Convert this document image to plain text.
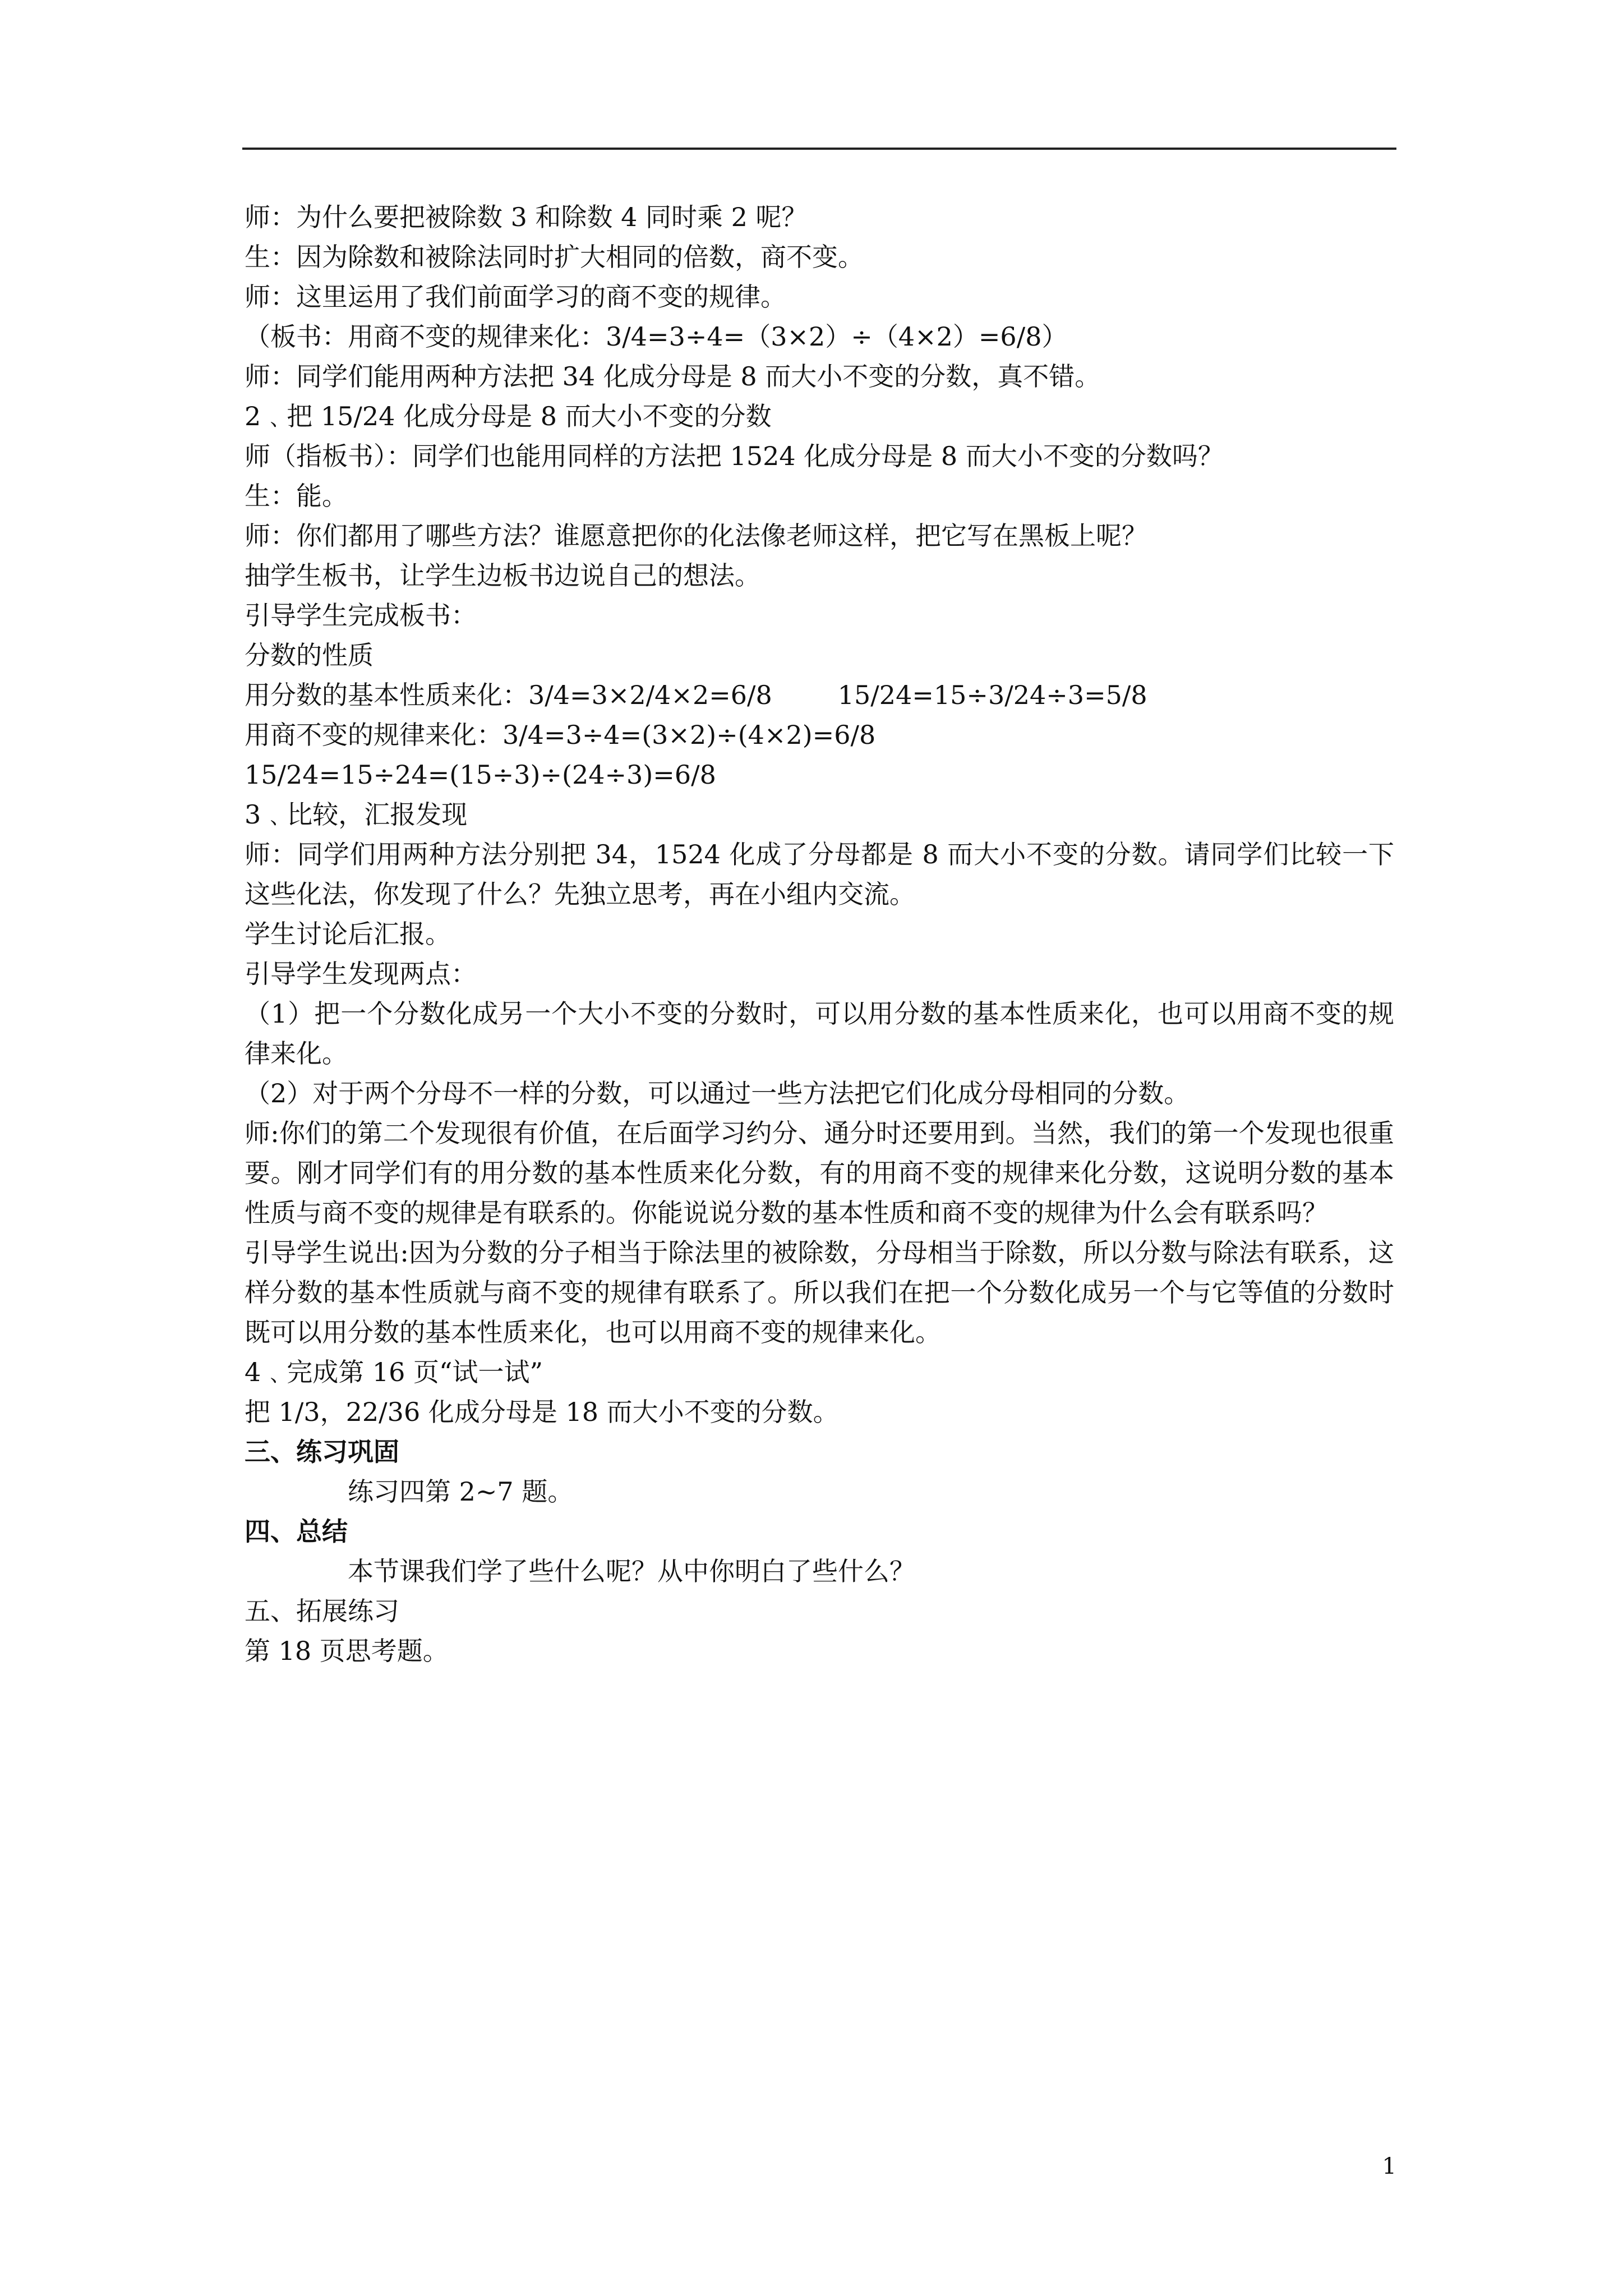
师：为什么要把被除数 3 和除数 4 同时乘 2 呢？

生：因为除数和被除法同时扩大相同的倍数，商不变。

师：这里运用了我们前面学习的商不变的规律。

（板书：用商不变的规律来化：3/4=3÷4=（3×2）÷（4×2）=6/8）

师：同学们能用两种方法把 34 化成分母是 8 而大小不变的分数，真不错。

2﹑把 15/24 化成分母是 8 而大小不变的分数

师（指板书）：同学们也能用同样的方法把 1524 化成分母是 8 而大小不变的分数吗？

生：能。

师：你们都用了哪些方法？谁愿意把你的化法像老师这样，把它写在黑板上呢？

抽学生板书，让学生边板书边说自己的想法。

引导学生完成板书：

分数的性质

用分数的基本性质来化：3/4=3×2/4×2=6/8        15/24=15÷3/24÷3=5/8

用商不变的规律来化：3/4=3÷4=(3×2)÷(4×2)=6/8

15/24=15÷24=(15÷3)÷(24÷3)=6/8

3﹑比较，汇报发现

师：同学们用两种方法分别把 34，1524 化成了分母都是 8 而大小不变的分数。请同学们比较一下这些化法，你发现了什么？先独立思考，再在小组内交流。

学生讨论后汇报。

引导学生发现两点：

（1）把一个分数化成另一个大小不变的分数时，可以用分数的基本性质来化，也可以用商不变的规律来化。

（2）对于两个分母不一样的分数，可以通过一些方法把它们化成分母相同的分数。

师:你们的第二个发现很有价值，在后面学习约分、通分时还要用到。当然，我们的第一个发现也很重要。刚才同学们有的用分数的基本性质来化分数，有的用商不变的规律来化分数，这说明分数的基本性质与商不变的规律是有联系的。你能说说分数的基本性质和商不变的规律为什么会有联系吗？

引导学生说出:因为分数的分子相当于除法里的被除数，分母相当于除数，所以分数与除法有联系，这样分数的基本性质就与商不变的规律有联系了。所以我们在把一个分数化成另一个与它等值的分数时既可以用分数的基本性质来化，也可以用商不变的规律来化。

4﹑完成第 16 页“试一试”

把 1/3，22/36 化成分母是 18 而大小不变的分数。

三、练习巩固

练习四第 2~7 题。

四、总结

本节课我们学了些什么呢？从中你明白了些什么？

五、拓展练习

第 18 页思考题。

1
